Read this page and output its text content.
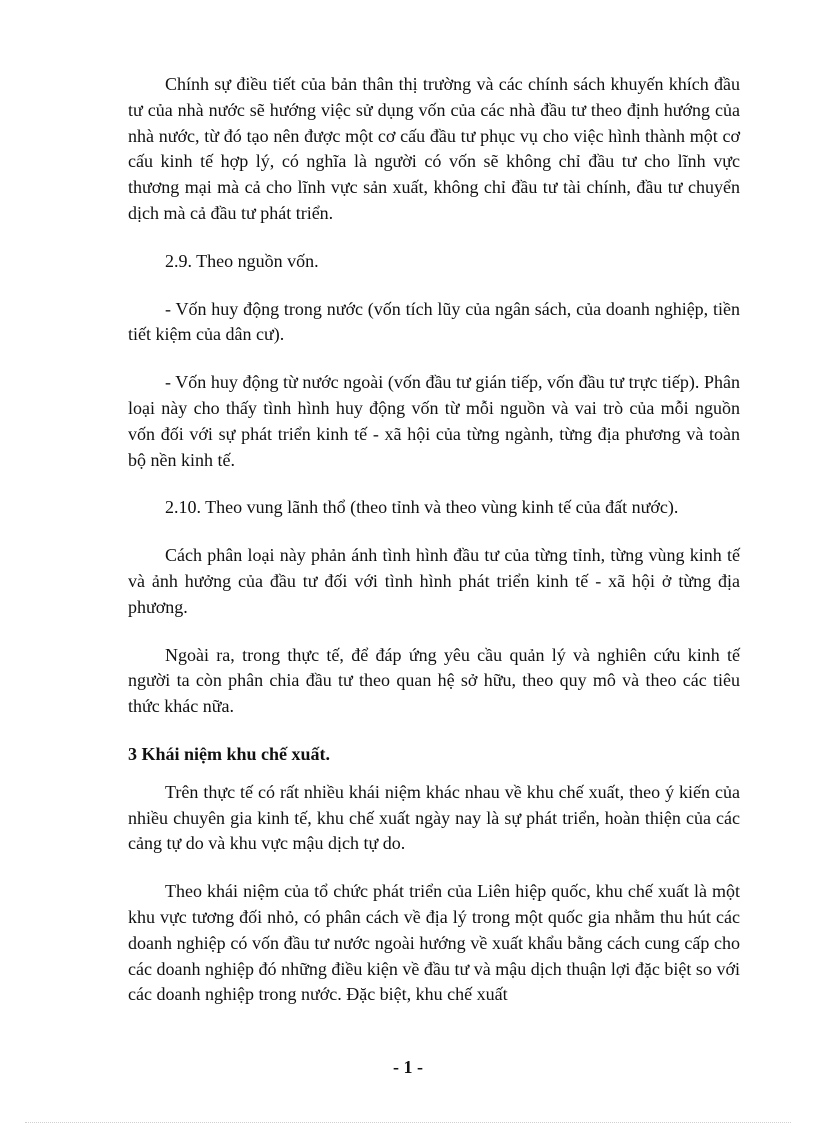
Chính sự điều tiết của bản thân thị trường và các chính sách khuyến khích đầu tư của nhà nước sẽ hướng việc sử dụng vốn của các nhà đầu tư theo định hướng của nhà nước, từ đó tạo nên được một cơ cấu đầu tư phục vụ cho việc hình thành một cơ cấu kinh tế hợp lý, có nghĩa là người có vốn sẽ không chỉ đầu tư cho lĩnh vực thương mại mà cả cho lĩnh vực sản xuất, không chỉ đầu tư tài chính, đầu tư chuyển dịch mà cả đầu tư phát triển.

2.9. Theo nguồn vốn.

- Vốn huy động trong nước (vốn tích lũy của ngân sách, của doanh nghiệp, tiền tiết kiệm của dân cư).

- Vốn huy động từ nước ngoài (vốn đầu tư gián tiếp, vốn đầu tư trực tiếp). Phân loại này cho thấy tình hình huy động vốn từ mỗi nguồn và vai trò của mỗi nguồn vốn đối với sự phát triển kinh tế - xã hội của từng ngành, từng địa phương và toàn bộ nền kinh tế.

2.10. Theo vung lãnh thổ (theo tỉnh và theo vùng kinh tế của đất nước).

Cách phân loại này phản ánh tình hình đầu tư của từng tỉnh, từng vùng kinh tế và ảnh hưởng của đầu tư đối với tình hình phát triển kinh tế - xã hội ở từng địa phương.

Ngoài ra, trong thực tế, để đáp ứng yêu cầu quản lý và nghiên cứu kinh tế người ta còn phân chia đầu tư theo quan hệ sở hữu, theo quy mô và theo các tiêu thức khác nữa.

3 Khái niệm khu chế xuất.

Trên thực tế có rất nhiều khái niệm khác nhau về khu chế xuất, theo ý kiến của nhiều chuyên gia kinh tế, khu chế xuất ngày nay là sự phát triển, hoàn thiện của các cảng tự do và khu vực mậu dịch tự do.

Theo khái niệm của tổ chức phát triển của Liên hiệp quốc, khu chế xuất là một khu vực tương đối nhỏ, có phân cách về địa lý trong một quốc gia nhằm thu hút các doanh nghiệp có vốn đầu tư nước ngoài hướng về xuất khẩu bằng cách cung cấp cho các doanh nghiệp đó những điều kiện về đầu tư và mậu dịch thuận lợi đặc biệt so với các doanh nghiệp trong nước. Đặc biệt, khu chế xuất

- 1 -
